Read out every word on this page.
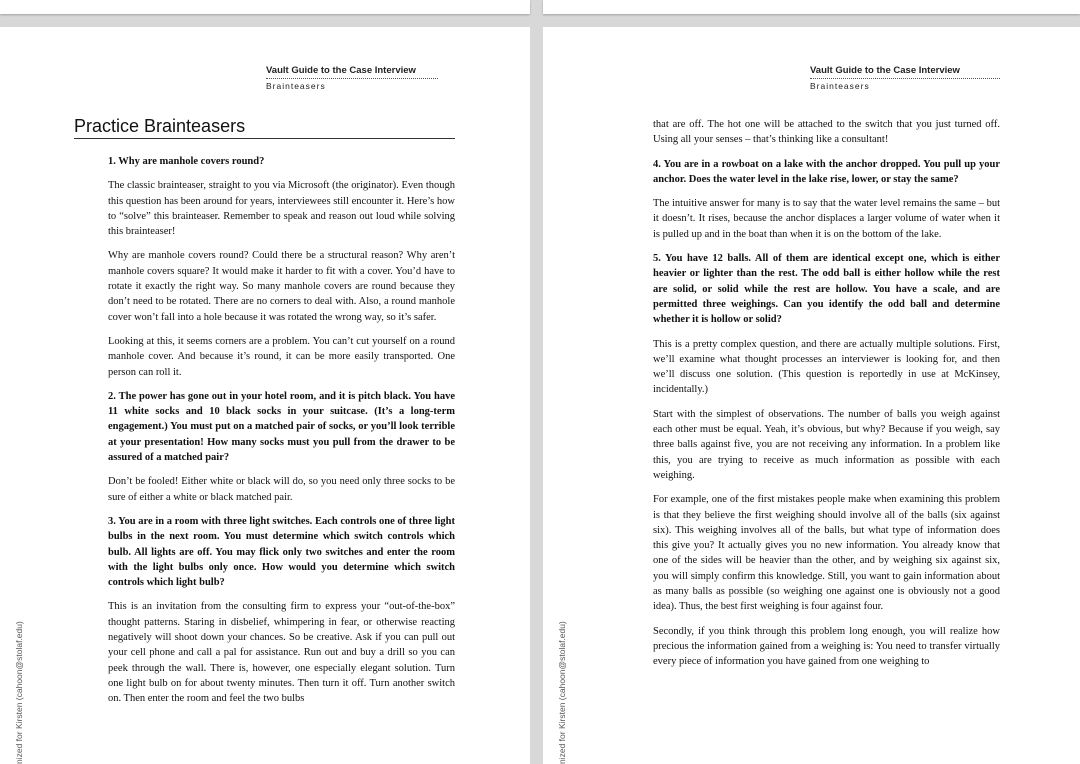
Vault Guide to the Case Interview
Brainteasers
Practice Brainteasers

1. Why are manhole covers round?

The classic brainteaser, straight to you via Microsoft (the originator). Even though this question has been around for years, interviewees still encounter it. Here’s how to “solve” this brainteaser. Remember to speak and reason out loud while solving this brainteaser!

Why are manhole covers round? Could there be a structural reason? Why aren’t manhole covers square? It would make it harder to fit with a cover. You’d have to rotate it exactly the right way. So many manhole covers are round because they don’t need to be rotated. There are no corners to deal with. Also, a round manhole cover won’t fall into a hole because it was rotated the wrong way, so it’s safer.

Looking at this, it seems corners are a problem. You can’t cut yourself on a round manhole cover. And because it’s round, it can be more easily transported. One person can roll it.

2. The power has gone out in your hotel room, and it is pitch black. You have 11 white socks and 10 black socks in your suitcase. (It’s a long-term engagement.) You must put on a matched pair of socks, or you’ll look terrible at your presentation! How many socks must you pull from the drawer to be assured of a matched pair?

Don’t be fooled! Either white or black will do, so you need only three socks to be sure of either a white or black matched pair.

3. You are in a room with three light switches. Each controls one of three light bulbs in the next room. You must determine which switch controls which bulb. All lights are off. You may flick only two switches and enter the room with the light bulbs only once. How would you determine which switch controls which light bulb?

This is an invitation from the consulting firm to express your “out-of-the-box” thought patterns. Staring in disbelief, whimpering in fear, or otherwise reacting negatively will shoot down your chances. So be creative. Ask if you can pull out your cell phone and call a pal for assistance. Run out and buy a drill so you can peek through the wall. There is, however, one especially elegant solution. Turn one light bulb on for about twenty minutes. Then turn it off. Turn another switch on. Then enter the room and feel the two bulbs

nized for Kirsten (cahoon@stolaf.edu)
Vault Guide to the Case Interview
Brainteasers

that are off. The hot one will be attached to the switch that you just turned off. Using all your senses – that’s thinking like a consultant!

4. You are in a rowboat on a lake with the anchor dropped. You pull up your anchor. Does the water level in the lake rise, lower, or stay the same?

The intuitive answer for many is to say that the water level remains the same – but it doesn’t. It rises, because the anchor displaces a larger volume of water when it is pulled up and in the boat than when it is on the bottom of the lake.

5. You have 12 balls. All of them are identical except one, which is either heavier or lighter than the rest. The odd ball is either hollow while the rest are solid, or solid while the rest are hollow. You have a scale, and are permitted three weighings. Can you identify the odd ball and determine whether it is hollow or solid?

This is a pretty complex question, and there are actually multiple solutions. First, we’ll examine what thought processes an interviewer is looking for, and then we’ll discuss one solution. (This question is reportedly in use at McKinsey, incidentally.)

Start with the simplest of observations. The number of balls you weigh against each other must be equal. Yeah, it’s obvious, but why? Because if you weigh, say three balls against five, you are not receiving any information. In a problem like this, you are trying to receive as much information as possible with each weighing.

For example, one of the first mistakes people make when examining this problem is that they believe the first weighing should involve all of the balls (six against six). This weighing involves all of the balls, but what type of information does this give you? It actually gives you no new information. You already know that one of the sides will be heavier than the other, and by weighing six against six, you will simply confirm this knowledge. Still, you want to gain information about as many balls as possible (so weighing one against one is obviously not a good idea). Thus, the best first weighing is four against four.

Secondly, if you think through this problem long enough, you will realize how precious the information gained from a weighing is: You need to transfer virtually every piece of information you have gained from one weighing to

nized for Kirsten (cahoon@stolaf.edu)
